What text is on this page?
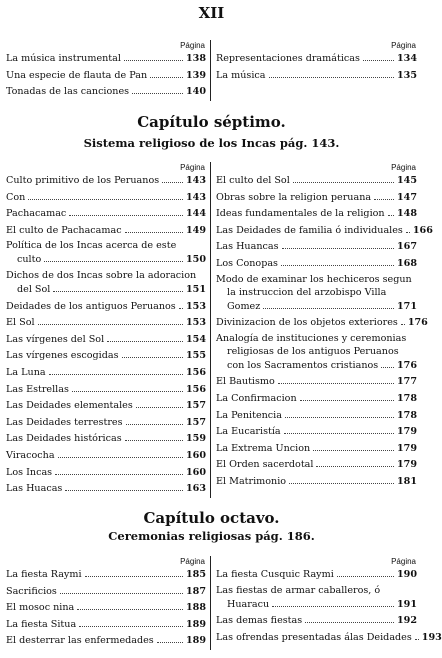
XII
Página
La música instrumental	138
Una especie de flauta de Pan	139
Tonadas de las canciones	140
Página
Representaciones dramáticas	134
La música	135
Capítulo séptimo.
Sistema religioso de los Incas pág. 143.
Página
Culto primitivo de los Peruanos	143
Con	143
Pachacamac	144
El culto de Pachacamac	149
Política de los Incas acerca de este
culto	150
Dichos de dos Incas sobre la adoracion
del Sol	151
Deidades de los antiguos Peruanos 153
El Sol	153
Las vírgenes del Sol	154
Las vírgenes escogidas	155
La Luna	156
Las Estrellas	156
Las Deidades elementales	157
Las Deidades terrestres	157
Las Deidades históricas	159
Viracocha	160
Los Incas	160
Las Huacas	163
Página
El culto del Sol	145
Obras sobre la religion peruana	147
Ideas fundamentales de la religion 148
Las Deidades de familia ó individuales 166
Las Huancas	167
Los Conopas	168
Modo de examinar los hechiceros segun
la instruccion del arzobispo Villa
Gomez	171
Divinizacion de los objetos exteriores 176
Analogía de instituciones y ceremonias
religiosas de los antiguos Peruanos
con los Sacramentos cristianos 176
El Bautismo	177
La Confirmacion	178
La Penitencia	178
La Eucaristía	179
La Extrema Uncion	179
El Orden sacerdotal	179
El Matrimonio	181
Capítulo octavo.
Ceremonias religiosas pág. 186.
Página
La fiesta Raymi	185
Sacrificios	187
El mosoc nina	188
La fiesta Situa	189
El desterrar las enfermedades	189
Página
La fiesta Cusquic Raymi	190
Las fiestas de armar caballeros, ó
Huaracu	191
Las demas fiestas	192
Las ofrendas presentadas álas Deidades 193
